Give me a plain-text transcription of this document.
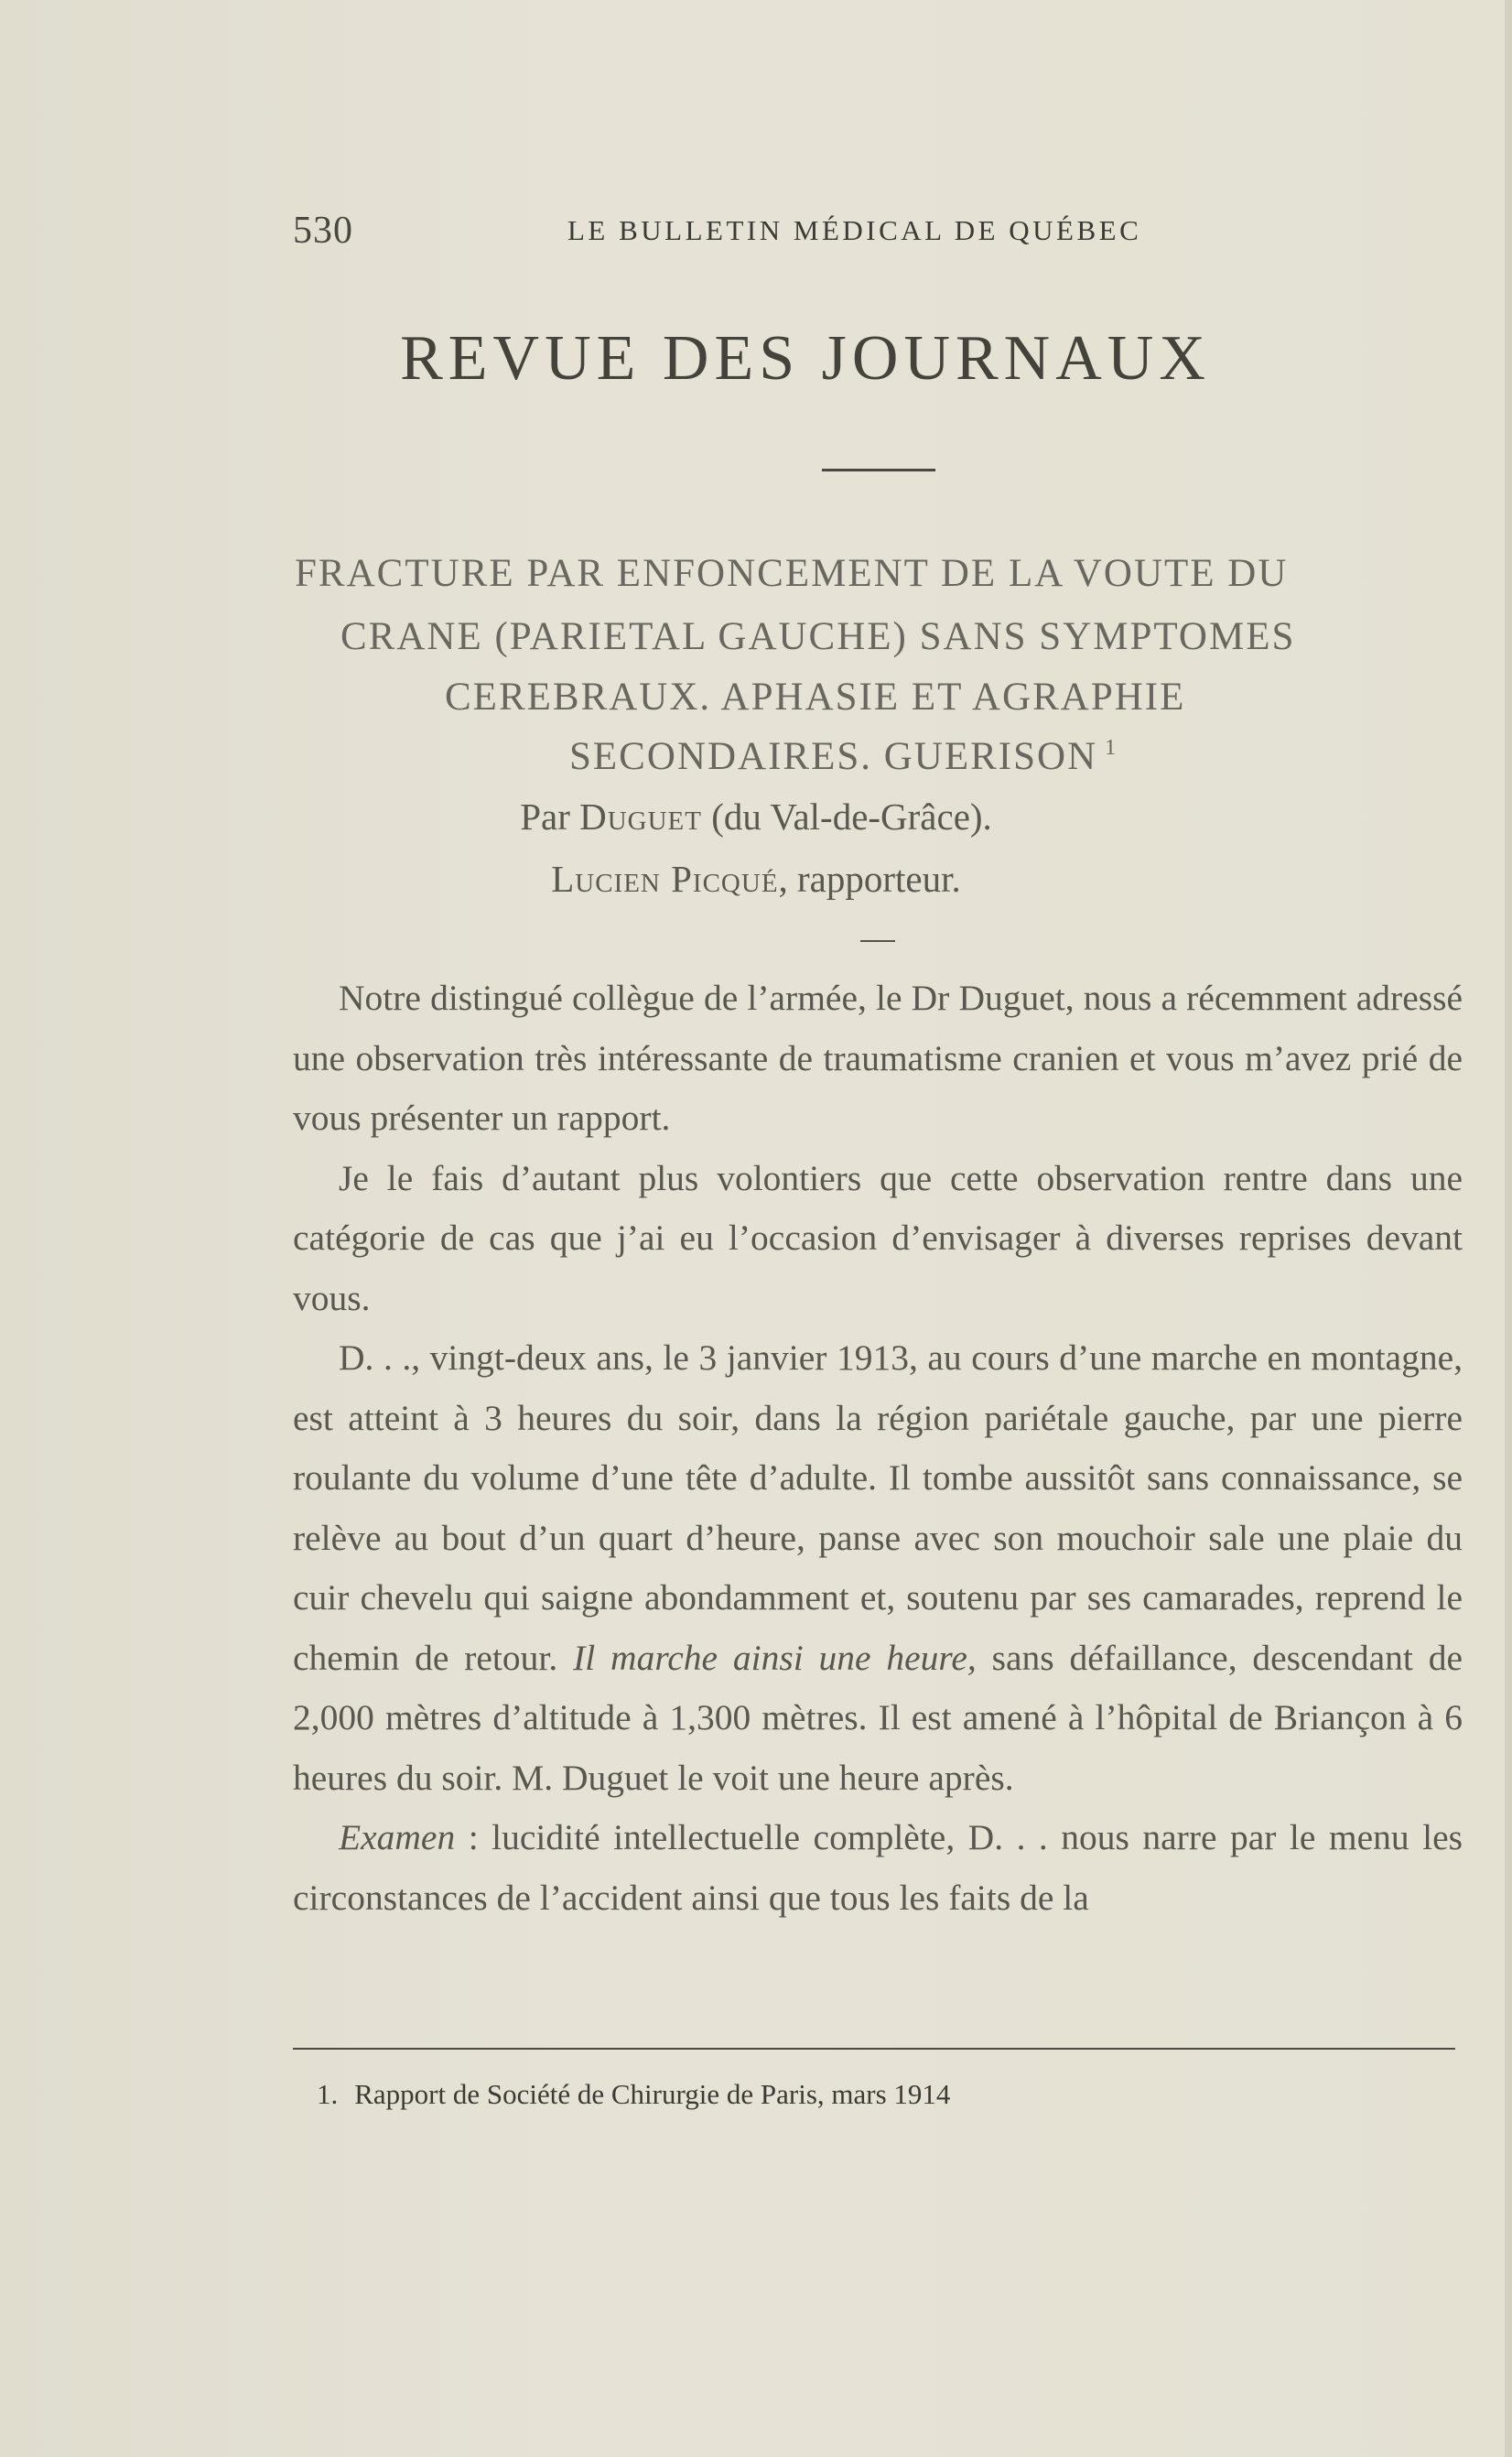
530	LE BULLETIN MÉDICAL DE QUÉBEC
REVUE DES JOURNAUX
FRACTURE PAR ENFONCEMENT DE LA VOUTE DU
CRANE (PARIETAL GAUCHE) SANS SYMPTOMES
CEREBRAUX. APHASIE ET AGRAPHIE
SECONDAIRES. GUERISON $^1$
Par Duguet (du Val-de-Grâce).
Lucien Picqué, rapporteur.

Notre distingué collègue de l’armée, le Dr Duguet, nous a récemment adressé une observation très intéressante de traumatisme cranien et vous m’avez prié de vous présenter un rapport.

Je le fais d’autant plus volontiers que cette observation rentre dans une catégorie de cas que j’ai eu l’occasion d’envisager à diverses reprises devant vous.

D. . ., vingt-deux ans, le 3 janvier 1913, au cours d’une marche en montagne, est atteint à 3 heures du soir, dans la région pariétale gauche, par une pierre roulante du volume d’une tête d’adulte. Il tombe aussitôt sans connaissance, se relève au bout d’un quart d’heure, panse avec son mouchoir sale une plaie du cuir chevelu qui saigne abondamment et, soutenu par ses camarades, reprend le chemin de retour. Il marche ainsi une heure, sans défaillance, descendant de 2,000 mètres d’altitude à 1,300 mètres. Il est amené à l’hôpital de Briançon à 6 heures du soir. M. Duguet le voit une heure après.

Examen : lucidité intellectuelle complète, D. . . nous narre par le menu les circonstances de l’accident ainsi que tous les faits de la

1. Rapport de Société de Chirurgie de Paris, mars 1914
